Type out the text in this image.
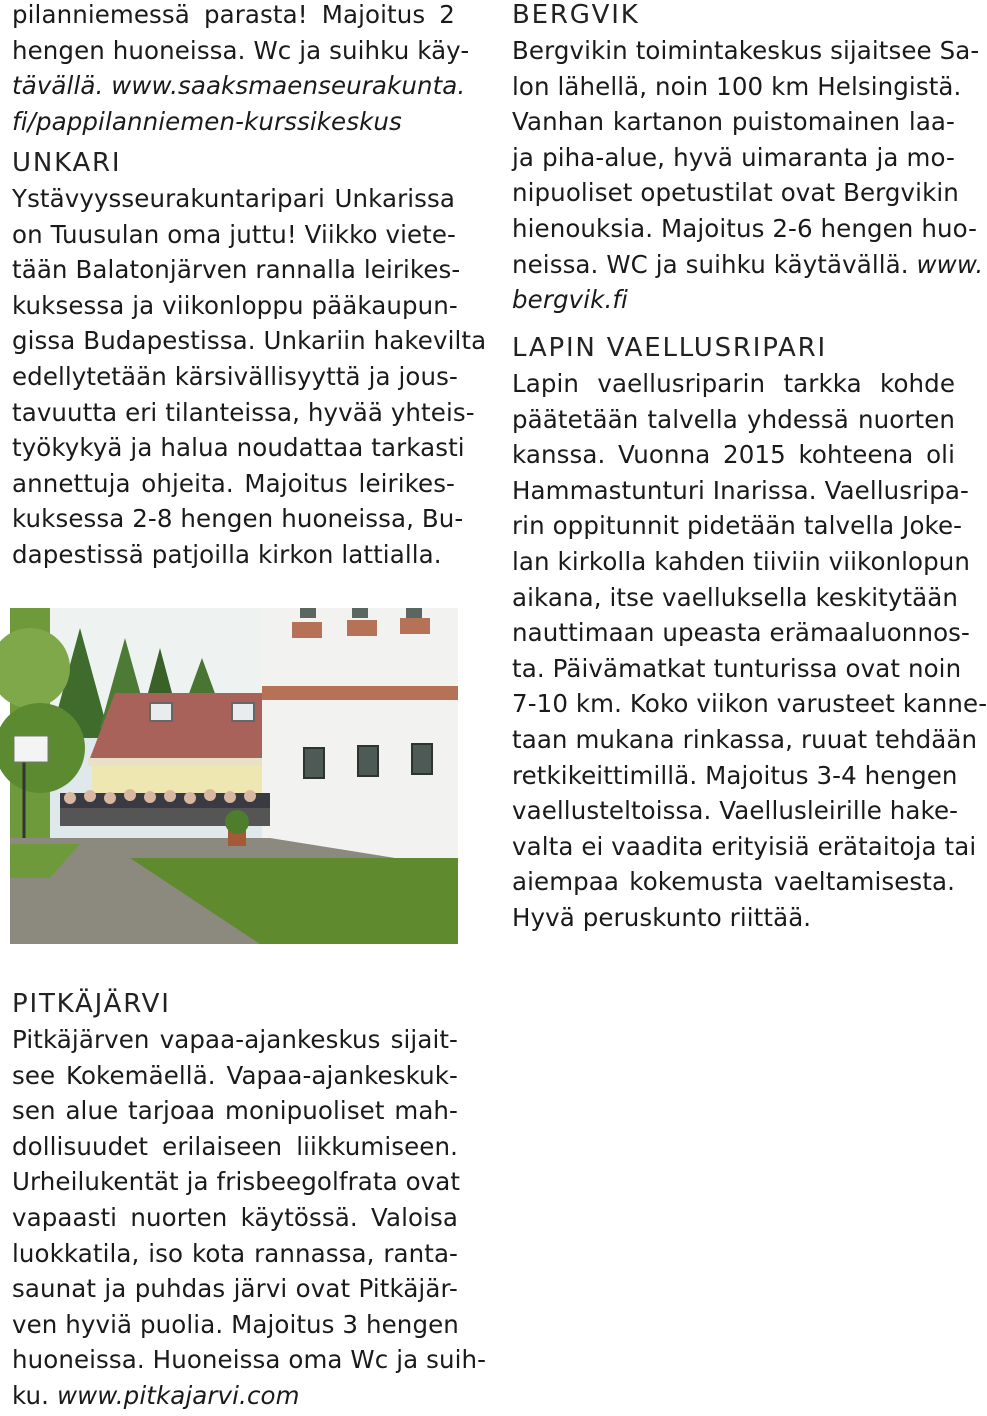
pilanniemessä parasta! Majoitus 2
hengen huoneissa. Wc ja suihku käy-
tävällä. www.saaksmaenseurakunta.
fi/pappilanniemen-kurssikeskus
UNKARI
Ystävyysseurakuntaripari Unkarissa
on Tuusulan oma juttu! Viikko viete-
tään Balatonjärven rannalla leirikes-
kuksessa ja viikonloppu pääkaupun-
gissa Budapestissa. Unkariin hakevilta
edellytetään kärsivällisyyttä ja jous-
tavuutta eri tilanteissa, hyvää yhteis-
työkykyä ja halua noudattaa tarkasti
annettuja ohjeita. Majoitus leirikes-
kuksessa 2-8 hengen huoneissa, Bu-
dapestissä patjoilla kirkon lattialla.
PITKÄJÄRVI
Pitkäjärven vapaa-ajankeskus sijait-
see Kokemäellä. Vapaa-ajankeskuk-
sen alue tarjoaa monipuoliset mah-
dollisuudet erilaiseen liikkumiseen.
Urheilukentät ja frisbeegolfrata ovat
vapaasti nuorten käytössä. Valoisa
luokkatila, iso kota rannassa, ranta-
saunat ja puhdas järvi ovat Pitkäjär-
ven hyviä puolia. Majoitus 3 hengen
huoneissa. Huoneissa oma Wc ja suih-
ku. www.pitkajarvi.com
BERGVIK
Bergvikin toimintakeskus sijaitsee Sa-
lon lähellä, noin 100 km Helsingistä.
Vanhan kartanon puistomainen laa-
ja piha-alue, hyvä uimaranta ja mo-
nipuoliset opetustilat ovat Bergvikin
hienouksia. Majoitus 2-6 hengen huo-
neissa. WC ja suihku käytävällä. www.
bergvik.fi
LAPIN VAELLUSRIPARI
Lapin vaellusriparin tarkka kohde
päätetään talvella yhdessä nuorten
kanssa. Vuonna 2015 kohteena oli
Hammastunturi Inarissa. Vaellusripa-
rin oppitunnit pidetään talvella Joke-
lan kirkolla kahden tiiviin viikonlopun
aikana, itse vaelluksella keskitytään
nauttimaan upeasta erämaaluonnos-
ta. Päivämatkat tunturissa ovat noin
7-10 km. Koko viikon varusteet kanne-
taan mukana rinkassa, ruuat tehdään
retkikeittimillä. Majoitus 3-4 hengen
vaellusteltoissa. Vaellusleirille hake-
valta ei vaadita erityisiä erätaitoja tai
aiempaa kokemusta vaeltamisesta.
Hyvä peruskunto riittää.
